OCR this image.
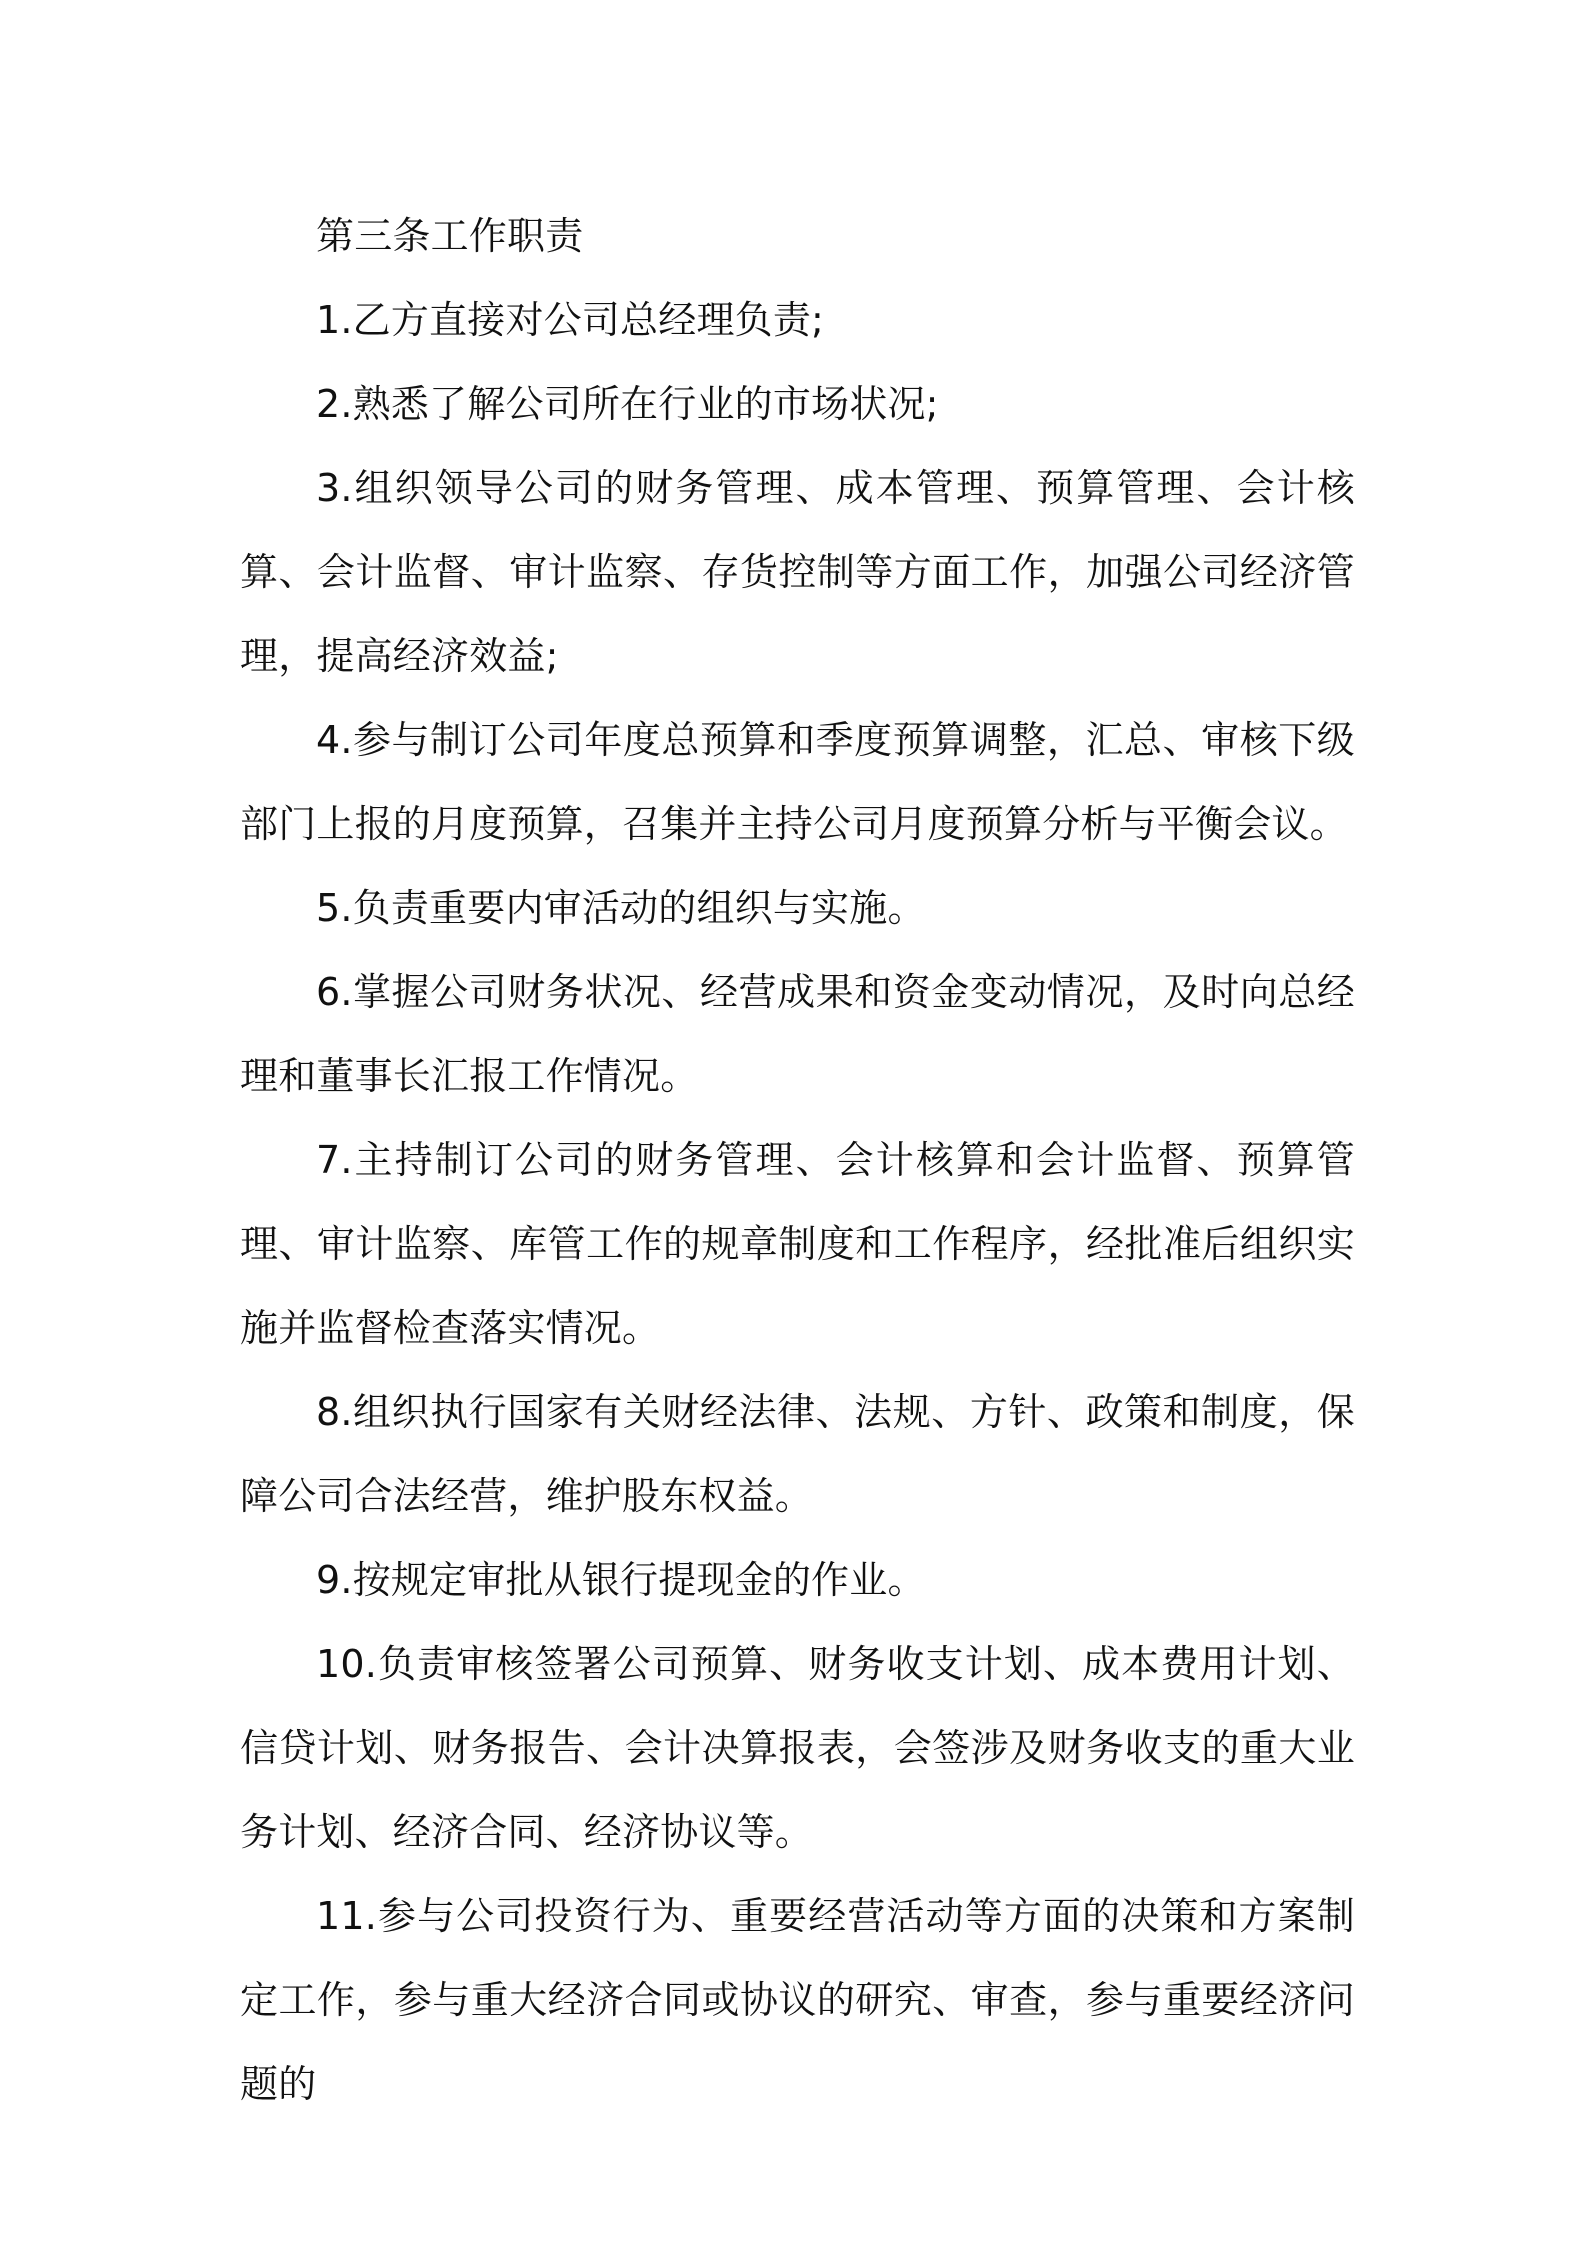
第三条工作职责

1.乙方直接对公司总经理负责;

2.熟悉了解公司所在行业的市场状况;

3.组织领导公司的财务管理、成本管理、预算管理、会计核算、会计监督、审计监察、存货控制等方面工作，加强公司经济管理，提高经济效益;

4.参与制订公司年度总预算和季度预算调整，汇总、审核下级部门上报的月度预算，召集并主持公司月度预算分析与平衡会议。

5.负责重要内审活动的组织与实施。

6.掌握公司财务状况、经营成果和资金变动情况，及时向总经理和董事长汇报工作情况。

7.主持制订公司的财务管理、会计核算和会计监督、预算管理、审计监察、库管工作的规章制度和工作程序，经批准后组织实施并监督检查落实情况。

8.组织执行国家有关财经法律、法规、方针、政策和制度，保障公司合法经营，维护股东权益。

9.按规定审批从银行提现金的作业。

10.负责审核签署公司预算、财务收支计划、成本费用计划、信贷计划、财务报告、会计决算报表，会签涉及财务收支的重大业务计划、经济合同、经济协议等。

11.参与公司投资行为、重要经营活动等方面的决策和方案制定工作，参与重大经济合同或协议的研究、审查，参与重要经济问题的
